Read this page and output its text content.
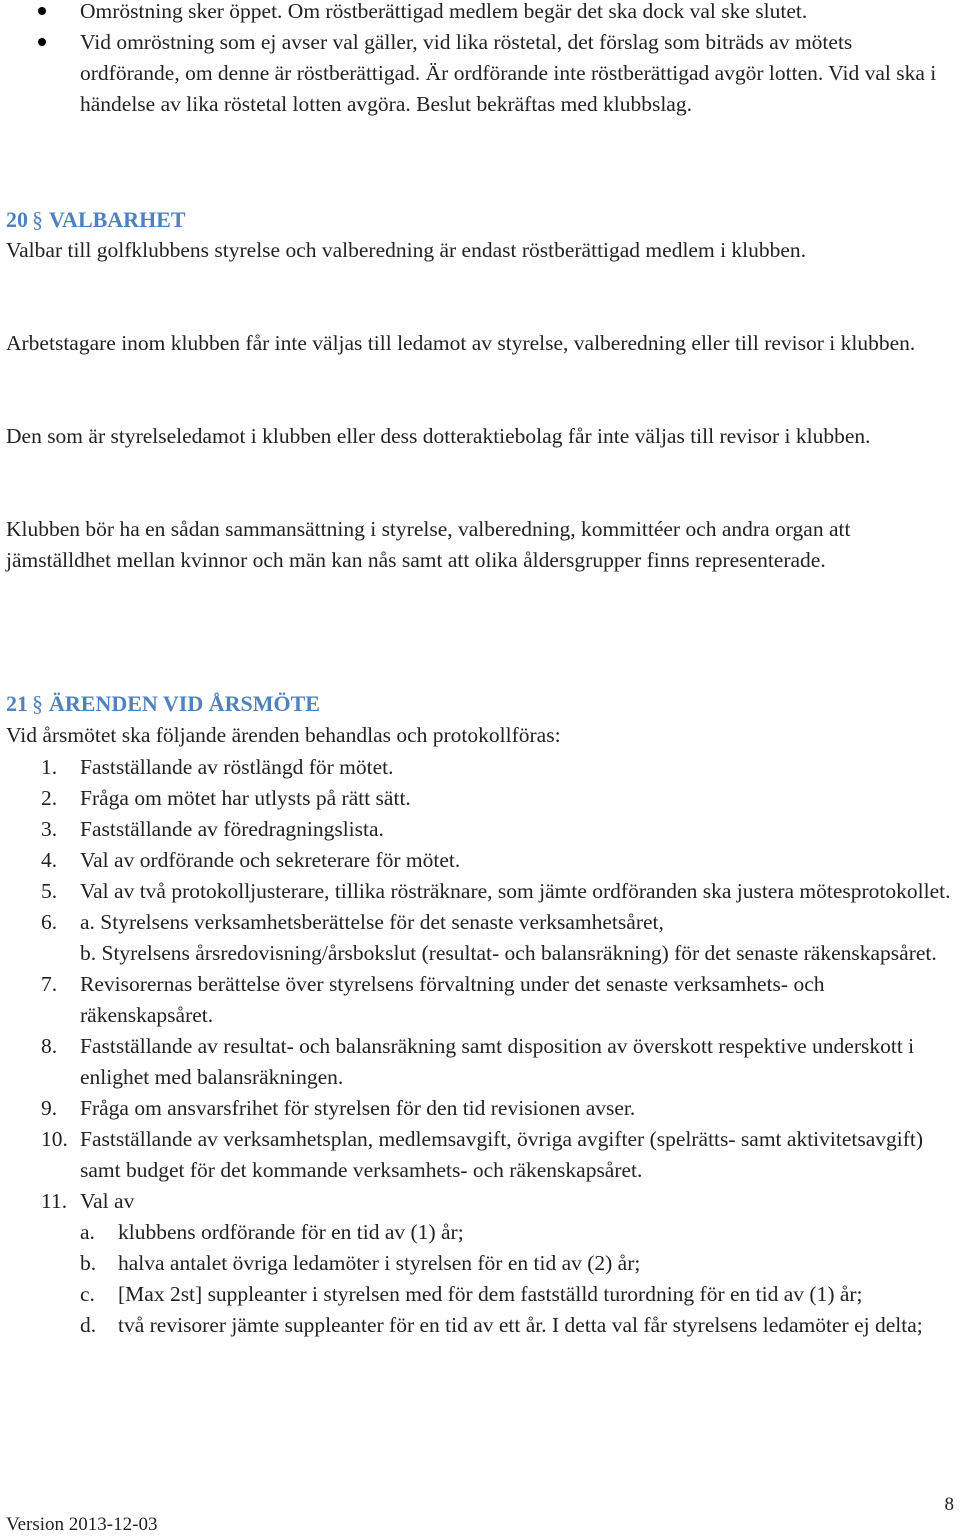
Omröstning sker öppet. Om röstberättigad medlem begär det ska dock val ske slutet.
Vid omröstning som ej avser val gäller, vid lika röstetal, det förslag som biträds av mötets ordförande, om denne är röstberättigad. Är ordförande inte röstberättigad avgör lotten. Vid val ska i händelse av lika röstetal lotten avgöra. Beslut bekräftas med klubbslag.
20 § VALBARHET
Valbar till golfklubbens styrelse och valberedning är endast röstberättigad medlem i klubben.
Arbetstagare inom klubben får inte väljas till ledamot av styrelse, valberedning eller till revisor i klubben.
Den som är styrelseledamot i klubben eller dess dotteraktiebolag får inte väljas till revisor i klubben.
Klubben bör ha en sådan sammansättning i styrelse, valberedning, kommittéer och andra organ att jämställdhet mellan kvinnor och män kan nås samt att olika åldersgrupper finns representerade.
21 § ÄRENDEN VID ÅRSMÖTE
Vid årsmötet ska följande ärenden behandlas och protokollföras:
1. Fastställande av röstlängd för mötet.
2. Fråga om mötet har utlysts på rätt sätt.
3. Fastställande av föredragningslista.
4. Val av ordförande och sekreterare för mötet.
5. Val av två protokolljusterare, tillika rösträknare, som jämte ordföranden ska justera mötesprotokollet.
6. a. Styrelsens verksamhetsberättelse för det senaste verksamhetsåret,
b. Styrelsens årsredovisning/årsbokslut (resultat- och balansräkning) för det senaste räkenskapsåret.
7. Revisorernas berättelse över styrelsens förvaltning under det senaste verksamhets- och räkenskapsåret.
8. Fastställande av resultat- och balansräkning samt disposition av överskott respektive underskott i enlighet med balansräkningen.
9. Fråga om ansvarsfrihet för styrelsen för den tid revisionen avser.
10. Fastställande av verksamhetsplan, medlemsavgift, övriga avgifter (spelrätts- samt aktivitetsavgift) samt budget för det kommande verksamhets- och räkenskapsåret.
11. Val av
a. klubbens ordförande för en tid av (1) år;
b. halva antalet övriga ledamöter i styrelsen för en tid av (2) år;
c. [Max 2st] suppleanter i styrelsen med för dem fastställd turordning för en tid av (1) år;
d. två revisorer jämte suppleanter för en tid av ett år. I detta val får styrelsens ledamöter ej delta;
Version 2013-12-03
8
